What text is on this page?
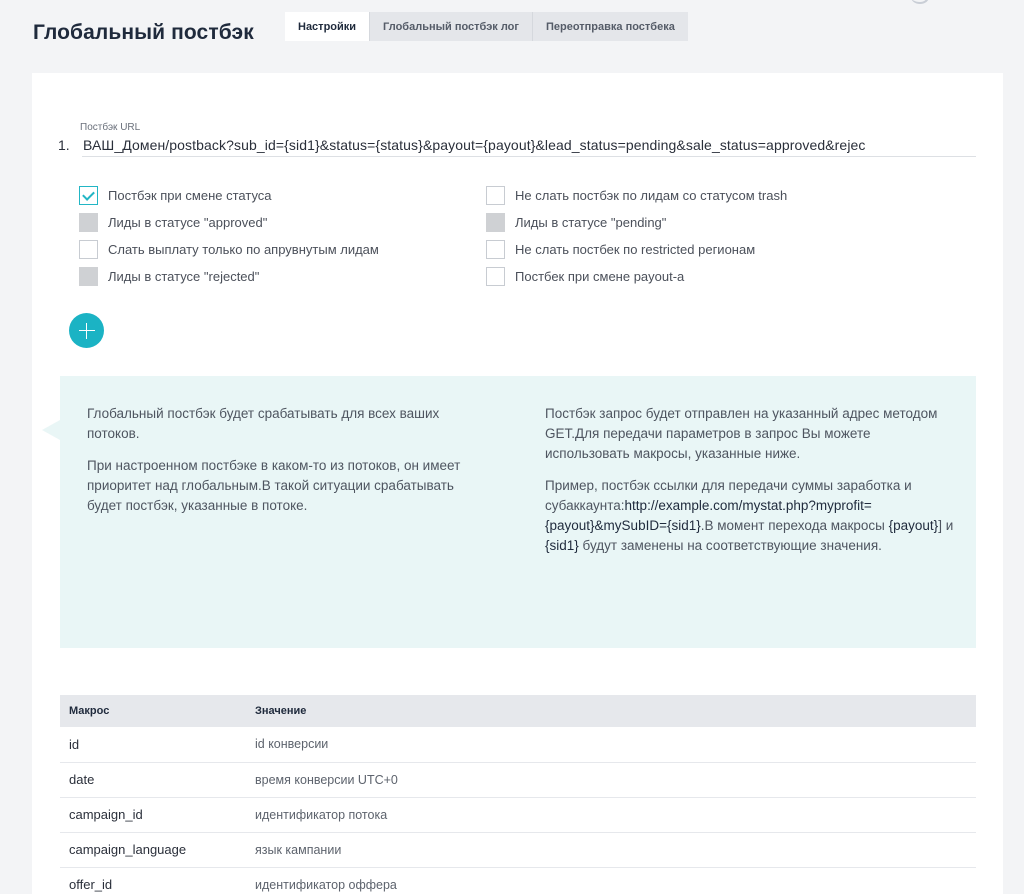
Глобальный постбэк	Настройки	Глобальный постбэк лог	Переотправка постбека
Постбэк URL
1.
ВАШ_Домен/postback?sub_id={sid1}&status={status}&payout={payout}&lead_status=pending&sale_status=approved&rejec
Постбэк при смене статуса	Не слать постбэк по лидам со статусом trash
Лиды в статусе "approved"	Лиды в статусе "pending"
Слать выплату только по апрувнутым лидам	Не слать постбек по restricted регионам
Лиды в статусе "rejected"	Постбек при смене payout-а

Глобальный постбэк будет срабатывать для всех ваших потоков.

При настроенном постбэке в каком-то из потоков, он имеет приоритет над глобальным.В такой ситуации срабатывать будет постбэк, указанные в потоке.

Постбэк запрос будет отправлен на указанный адрес методом GET.Для передачи параметров в запрос Вы можете использовать макросы, указанные ниже.

Пример, постбэк ссылки для передачи суммы заработка и субаккаунта:http://example.com/mystat.php?myprofit={payout}&mySubID={sid1}.В момент перехода макросы {payout}] и {sid1} будут заменены на соответствующие значения.

Макрос	Значение
id	id конверсии
date	время конверсии UTC+0
campaign_id	идентификатор потока
campaign_language	язык кампании
offer_id	идентификатор оффера
